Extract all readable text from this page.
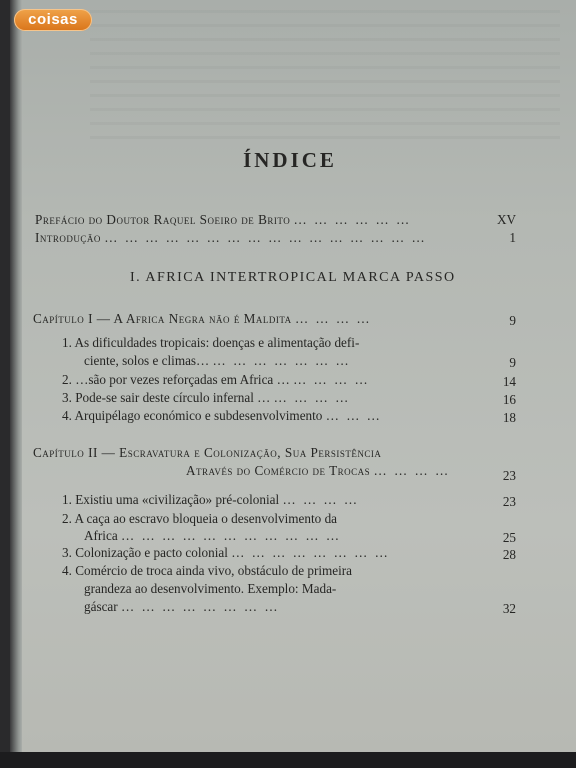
ÍNDICE
Prefácio do Doutor Raquel Soeiro de Brito … … … … … …	XV
Introdução … … … … … … … … … … … … … … … …	1
I. AFRICA INTERTROPICAL MARCA PASSO
Capítulo I — A Africa Negra não é Maldita … … … …	9
1. As dificuldades tropicais: doenças e alimentação defi-
ciente, solos e climas… … … … … … … …	9
2. …são por vezes reforçadas em Africa … … … … …	14
3. Pode-se sair deste círculo infernal … … … … …	16
4. Arquipélago económico e subdesenvolvimento … … …	18
Capítulo II — Escravatura e Colonização, Sua Persistência
Através do Comércio de Trocas … … … …	23
1. Existiu uma «civilização» pré-colonial … … … …	23
2. A caça ao escravo bloqueia o desenvolvimento da
Africa … … … … … … … … … … …	25
3. Colonização e pacto colonial … … … … … … … …	28
4. Comércio de troca ainda vivo, obstáculo de primeira
grandeza ao desenvolvimento. Exemplo: Mada-
gáscar … … … … … … … …	32
coisas
